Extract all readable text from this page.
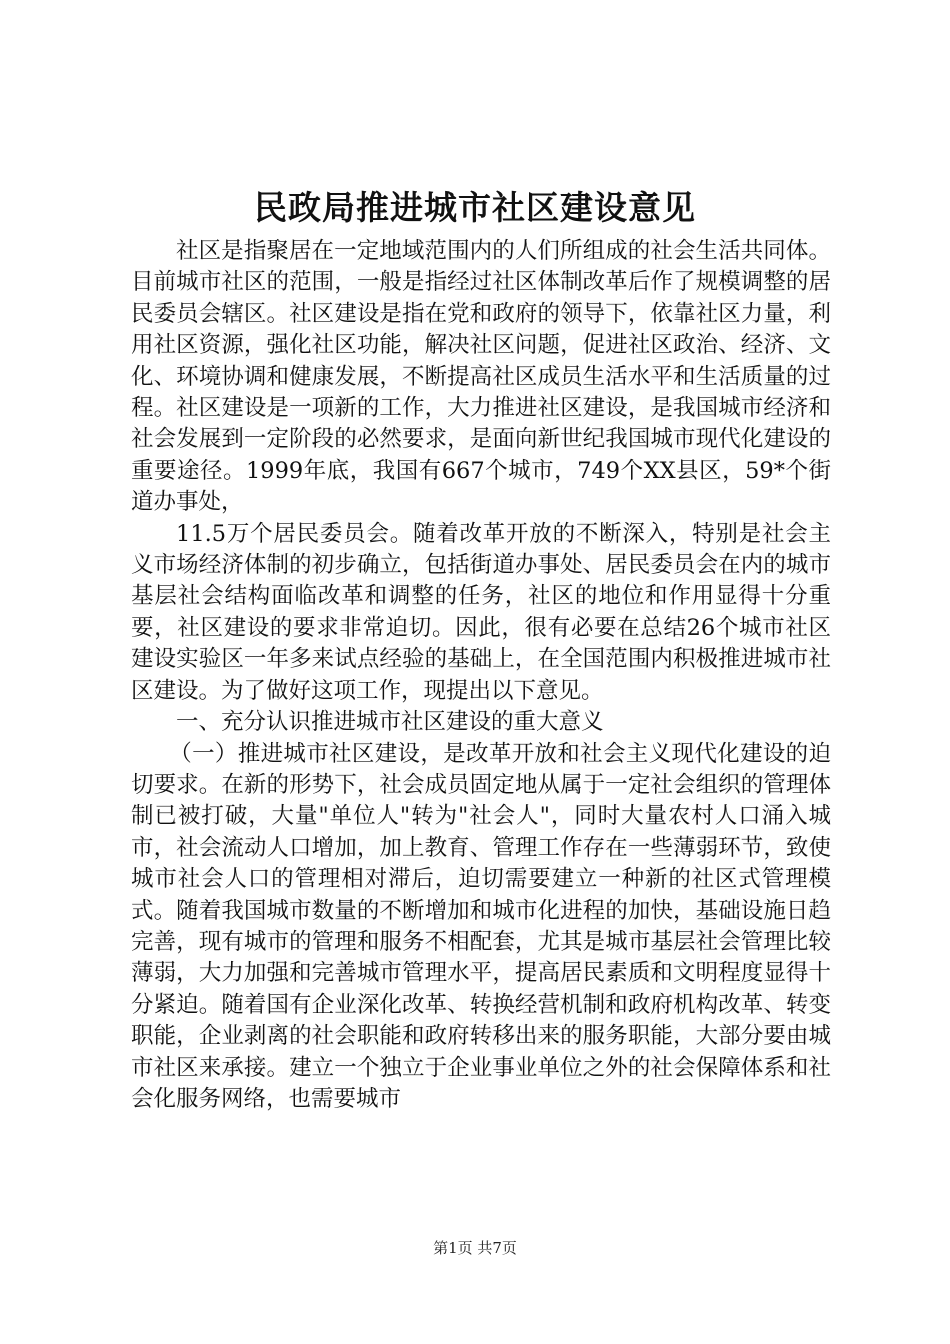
民政局推进城市社区建设意见

社区是指聚居在一定地域范围内的人们所组成的社会生活共同体。目前城市社区的范围，一般是指经过社区体制改革后作了规模调整的居民委员会辖区。社区建设是指在党和政府的领导下，依靠社区力量，利用社区资源，强化社区功能，解决社区问题，促进社区政治、经济、文化、环境协调和健康发展，不断提高社区成员生活水平和生活质量的过程。社区建设是一项新的工作，大力推进社区建设，是我国城市经济和社会发展到一定阶段的必然要求，是面向新世纪我国城市现代化建设的重要途径。1999年底，我国有667个城市，749个XX县区，59*个街道办事处，

11.5万个居民委员会。随着改革开放的不断深入，特别是社会主义市场经济体制的初步确立，包括街道办事处、居民委员会在内的城市基层社会结构面临改革和调整的任务，社区的地位和作用显得十分重要，社区建设的要求非常迫切。因此，很有必要在总结26个城市社区建设实验区一年多来试点经验的基础上，在全国范围内积极推进城市社区建设。为了做好这项工作，现提出以下意见。

一、充分认识推进城市社区建设的重大意义

（一）推进城市社区建设，是改革开放和社会主义现代化建设的迫切要求。在新的形势下，社会成员固定地从属于一定社会组织的管理体制已被打破，大量"单位人"转为"社会人"，同时大量农村人口涌入城市，社会流动人口增加，加上教育、管理工作存在一些薄弱环节，致使城市社会人口的管理相对滞后，迫切需要建立一种新的社区式管理模式。随着我国城市数量的不断增加和城市化进程的加快，基础设施日趋完善，现有城市的管理和服务不相配套，尤其是城市基层社会管理比较薄弱，大力加强和完善城市管理水平，提高居民素质和文明程度显得十分紧迫。随着国有企业深化改革、转换经营机制和政府机构改革、转变职能，企业剥离的社会职能和政府转移出来的服务职能，大部分要由城市社区来承接。建立一个独立于企业事业单位之外的社会保障体系和社会化服务网络，也需要城市

第1页 共7页
